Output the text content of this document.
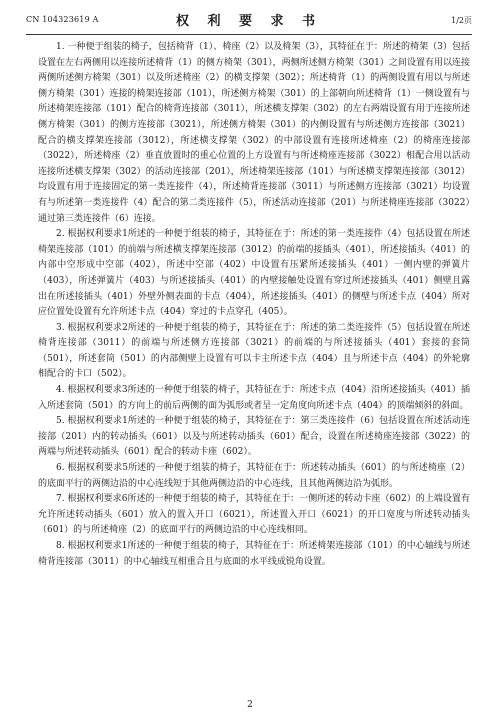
CN 104323619 A	权 利 要 求 书	1/2页

1. 一种便于组装的椅子，包括椅背（1）、椅座（2）以及椅架（3），其特征在于：所述的椅架（3）包括设置在左右两侧用以连接所述椅背（1）的侧方椅架（301），两侧所述侧方椅架（301）之间设置有用以连接两侧所述侧方椅架（301）以及所述椅座（2）的横支撑架（302）；所述椅背（1）的两侧设置有用以与所述侧方椅架（301）连接的椅架连接部（101），所述侧方椅架（301）的上部朝向所述椅背（1）一侧设置有与所述椅架连接部（101）配合的椅背连接部（3011），所述横支撑架（302）的左右两端设置有用于连接所述侧方椅架（301）的侧方连接部（3021），所述侧方椅架（301）的内侧设置有与所述侧方连接部（3021）配合的横支撑架连接部（3012），所述横支撑架（302）的中部设置有连接所述椅座（2）的椅座连接部（3022），所述椅座（2）垂直放置时的重心位置的上方设置有与所述椅座连接部（3022）相配合用以活动连接所述横支撑架（302）的活动连接部（201），所述椅架连接部（101）与所述横支撑架连接部（3012）均设置有用于连接固定的第一类连接件（4），所述椅背连接部（3011）与所述侧方连接部（3021）均设置有与所述第一类连接件（4）配合的第二类连接件（5），所述活动连接部（201）与所述椅座连接部（3022）通过第三类连接件（6）连接。

2. 根据权利要求1所述的一种便于组装的椅子，其特征在于：所述的第一类连接件（4）包括设置在所述椅架连接部（101）的前端与所述横支撑架连接部（3012）的前端的接插头（401），所述接插头（401）的内部中空形成中空部（402），所述中空部（402）中设置有压紧所述接插头（401）一侧内壁的弹簧片（403），所述弹簧片（403）与所述接插头（401）的内壁接触处设置有穿过所述接插头（401）侧壁且露出在所述接插头（401）外壁外侧表面的卡点（404），所述接插头（401）的侧壁与所述卡点（404）所对应位置处设置有允许所述卡点（404）穿过的卡点穿孔（405）。

3. 根据权利要求2所述的一种便于组装的椅子，其特征在于：所述的第二类连接件（5）包括设置在所述椅背连接部（3011）的前端与所述侧方连接部（3021）的前端的与所述接插头（401）套接的套筒（501），所述套筒（501）的内部侧壁上设置有可以卡主所述卡点（404）且与所述卡点（404）的外轮廓相配合的卡口（502）。

4. 根据权利要求3所述的一种便于组装的椅子，其特征在于：所述卡点（404）沿所述接插头（401）插入所述套筒（501）的方向上的前后两侧的面为弧形或者呈一定角度向所述卡点（404）的顶端倾斜的斜面。

5. 根据权利要求1所述的一种便于组装的椅子，其特征在于：第三类连接件（6）包括设置在所述活动连接部（201）内的转动插头（601）以及与所述转动插头（601）配合，设置在所述椅座连接部（3022）的两端与所述转动插头（601）配合的转动卡座（602）。

6. 根据权利要求5所述的一种便于组装的椅子，其特征在于：所述转动插头（601）的与所述椅座（2）的底面平行的两侧边沿的中心连线短于其他两侧边沿的中心连线，且其他两侧边沿为弧形。

7. 根据权利要求6所述的一种便于组装的椅子，其特征在于：一侧所述的转动卡座（602）的上端设置有允许所述转动插头（601）放入的置入开口（6021），所述置入开口（6021）的开口宽度与所述转动插头（601）的与所述椅座（2）的底面平行的两侧边沿的中心连线相同。

8. 根据权利要求1所述的一种便于组装的椅子，其特征在于：所述椅架连接部（101）的中心轴线与所述椅背连接部（3011）的中心轴线互相重合且与底面的水平线成锐角设置。

2
